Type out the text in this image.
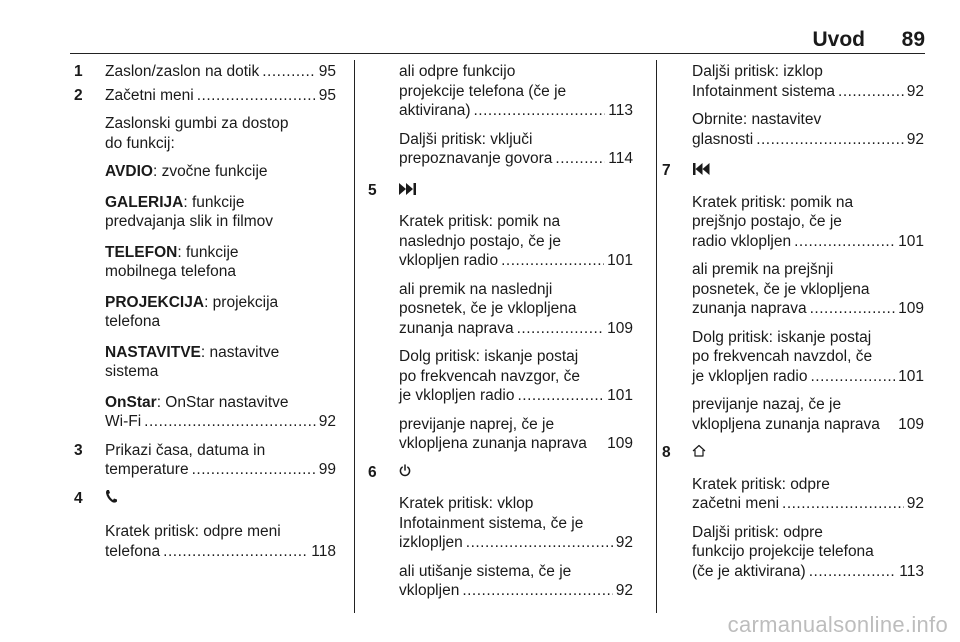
Uvod 89
1 Zaslon/zaslon na dotik .....	95
2 Začetni meni .....	95
Zaslonski gumbi za dostop
do funkcij:
AVDIO: zvočne funkcije
GALERIJA: funkcije
predvajanja slik in filmov
TELEFON: funkcije
mobilnega telefona
PROJEKCIJA: projekcija
telefona
NASTAVITVE: nastavitve
sistema
OnStar: OnStar nastavitve
Wi-Fi .....	92
3 Prikazi časa, datuma in
temperature .....	99
4
Kratek pritisk: odpre meni
telefona .....	118
ali odpre funkcijo
projekcije telefona (če je
aktivirana) .....	113
Daljši pritisk: vključi
prepoznavanje govora .....	114
5
Kratek pritisk: pomik na
naslednjo postajo, če je
vklopljen radio .....	101
ali premik na naslednji
posnetek, če je vklopljena
zunanja naprava .....	109
Dolg pritisk: iskanje postaj
po frekvencah navzgor, če
je vklopljen radio .....	101
previjanje naprej, če je
vklopljena zunanja naprava 109
6
Kratek pritisk: vklop
Infotainment sistema, če je
izklopljen .....	92
ali utišanje sistema, če je
vklopljen .....	92
Daljši pritisk: izklop
Infotainment sistema .....	92
Obrnite: nastavitev
glasnosti .....	92
7
Kratek pritisk: pomik na
prejšnjo postajo, če je
radio vklopljen .....	101
ali premik na prejšnji
posnetek, če je vklopljena
zunanja naprava .....	109
Dolg pritisk: iskanje postaj
po frekvencah navzdol, če
je vklopljen radio .....	101
previjanje nazaj, če je
vklopljena zunanja naprava 109
8
Kratek pritisk: odpre
začetni meni .....	92
Daljši pritisk: odpre
funkcijo projekcije telefona
(če je aktivirana) .....	113
carmanualsonline.info
